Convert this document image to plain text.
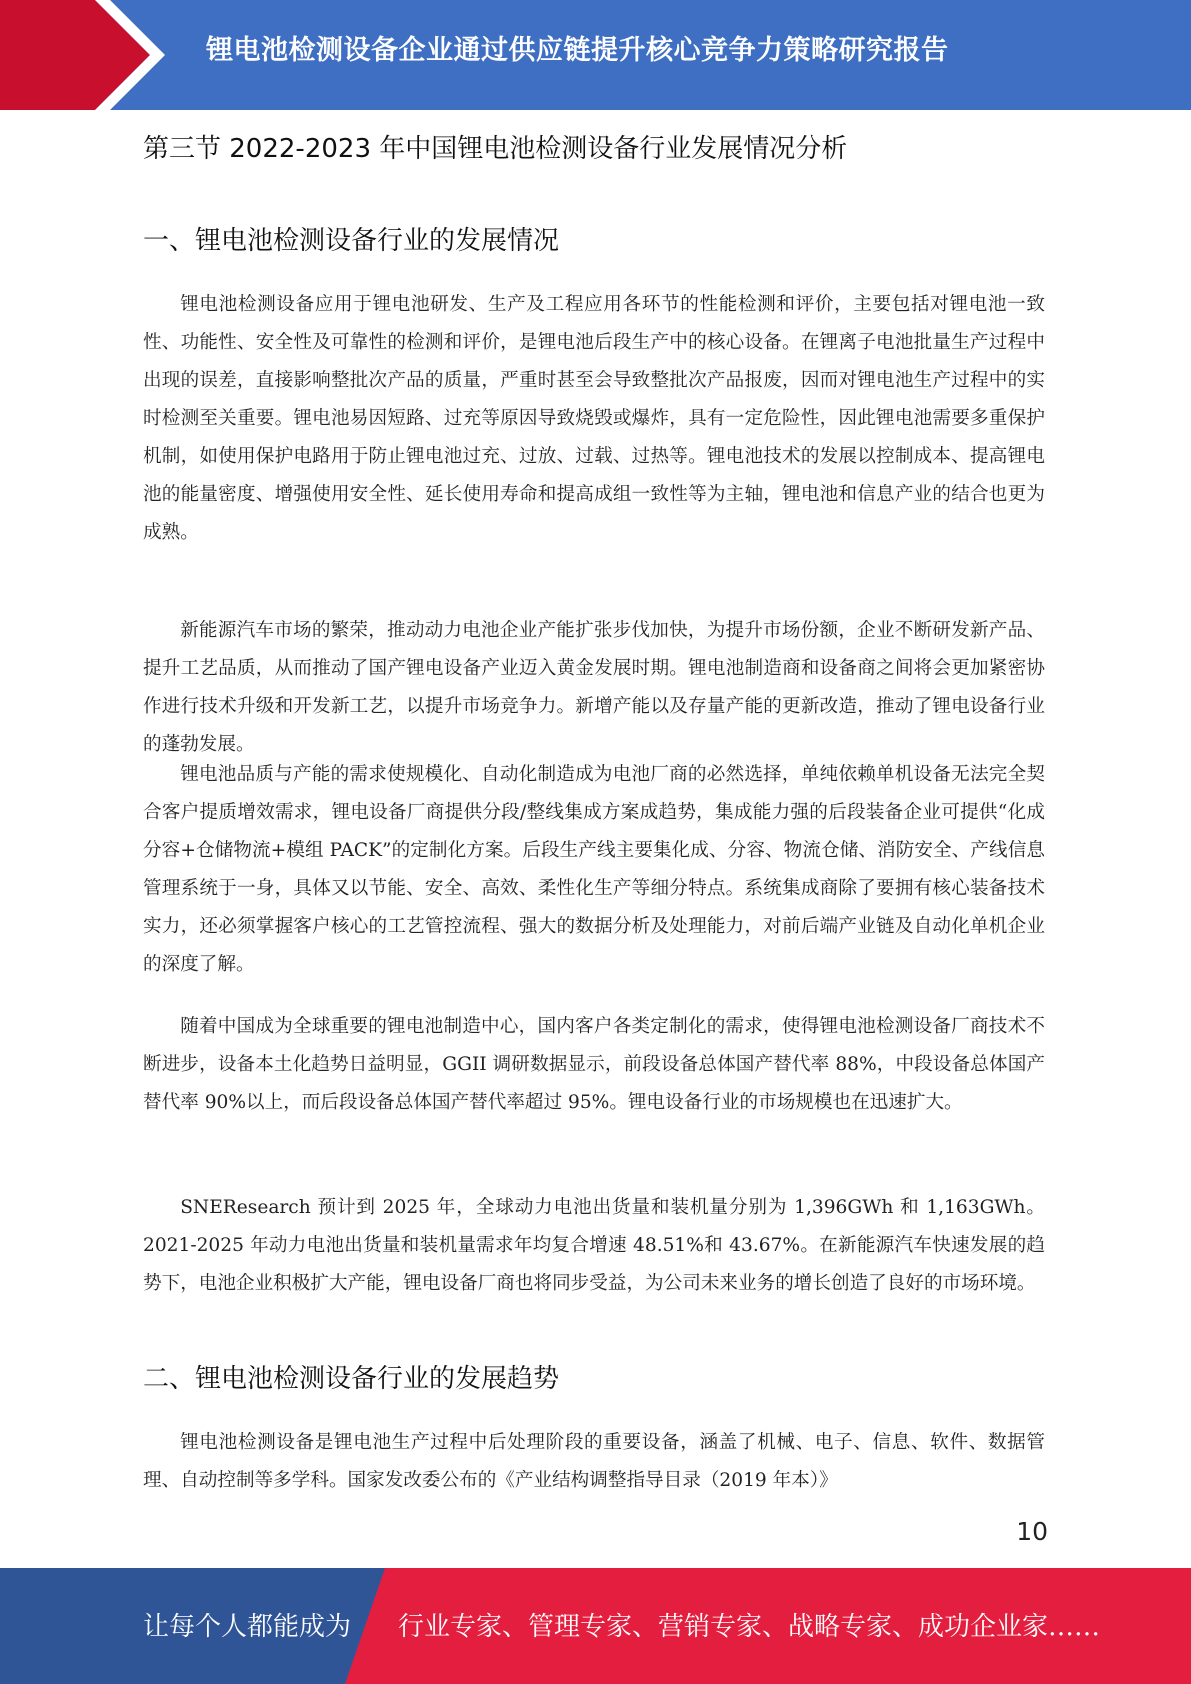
锂电池检测设备企业通过供应链提升核心竞争力策略研究报告
第三节 2022-2023 年中国锂电池检测设备行业发展情况分析
一、锂电池检测设备行业的发展情况

锂电池检测设备应用于锂电池研发、生产及工程应用各环节的性能检测和评价，主要包括对锂电池一致性、功能性、安全性及可靠性的检测和评价，是锂电池后段生产中的核心设备。在锂离子电池批量生产过程中出现的误差，直接影响整批次产品的质量，严重时甚至会导致整批次产品报废，因而对锂电池生产过程中的实时检测至关重要。锂电池易因短路、过充等原因导致烧毁或爆炸，具有一定危险性，因此锂电池需要多重保护机制，如使用保护电路用于防止锂电池过充、过放、过载、过热等。锂电池技术的发展以控制成本、提高锂电池的能量密度、增强使用安全性、延长使用寿命和提高成组一致性等为主轴，锂电池和信息产业的结合也更为成熟。

新能源汽车市场的繁荣，推动动力电池企业产能扩张步伐加快，为提升市场份额，企业不断研发新产品、提升工艺品质，从而推动了国产锂电设备产业迈入黄金发展时期。锂电池制造商和设备商之间将会更加紧密协作进行技术升级和开发新工艺，以提升市场竞争力。新增产能以及存量产能的更新改造，推动了锂电设备行业的蓬勃发展。

锂电池品质与产能的需求使规模化、自动化制造成为电池厂商的必然选择，单纯依赖单机设备无法完全契合客户提质增效需求，锂电设备厂商提供分段/整线集成方案成趋势，集成能力强的后段装备企业可提供“化成分容+仓储物流+模组 PACK”的定制化方案。后段生产线主要集化成、分容、物流仓储、消防安全、产线信息管理系统于一身，具体又以节能、安全、高效、柔性化生产等细分特点。系统集成商除了要拥有核心装备技术实力，还必须掌握客户核心的工艺管控流程、强大的数据分析及处理能力，对前后端产业链及自动化单机企业的深度了解。

随着中国成为全球重要的锂电池制造中心，国内客户各类定制化的需求，使得锂电池检测设备厂商技术不断进步，设备本土化趋势日益明显，GGII 调研数据显示，前段设备总体国产替代率 88%，中段设备总体国产替代率 90%以上，而后段设备总体国产替代率超过 95%。锂电设备行业的市场规模也在迅速扩大。

SNEResearch 预计到 2025 年，全球动力电池出货量和装机量分别为 1,396GWh 和 1,163GWh。2021-2025 年动力电池出货量和装机量需求年均复合增速 48.51%和 43.67%。在新能源汽车快速发展的趋势下，电池企业积极扩大产能，锂电设备厂商也将同步受益，为公司未来业务的增长创造了良好的市场环境。

二、锂电池检测设备行业的发展趋势

锂电池检测设备是锂电池生产过程中后处理阶段的重要设备，涵盖了机械、电子、信息、软件、数据管理、自动控制等多学科。国家发改委公布的《产业结构调整指导目录（2019 年本）》

10
让每个人都能成为 行业专家、管理专家、营销专家、战略专家、成功企业家……
